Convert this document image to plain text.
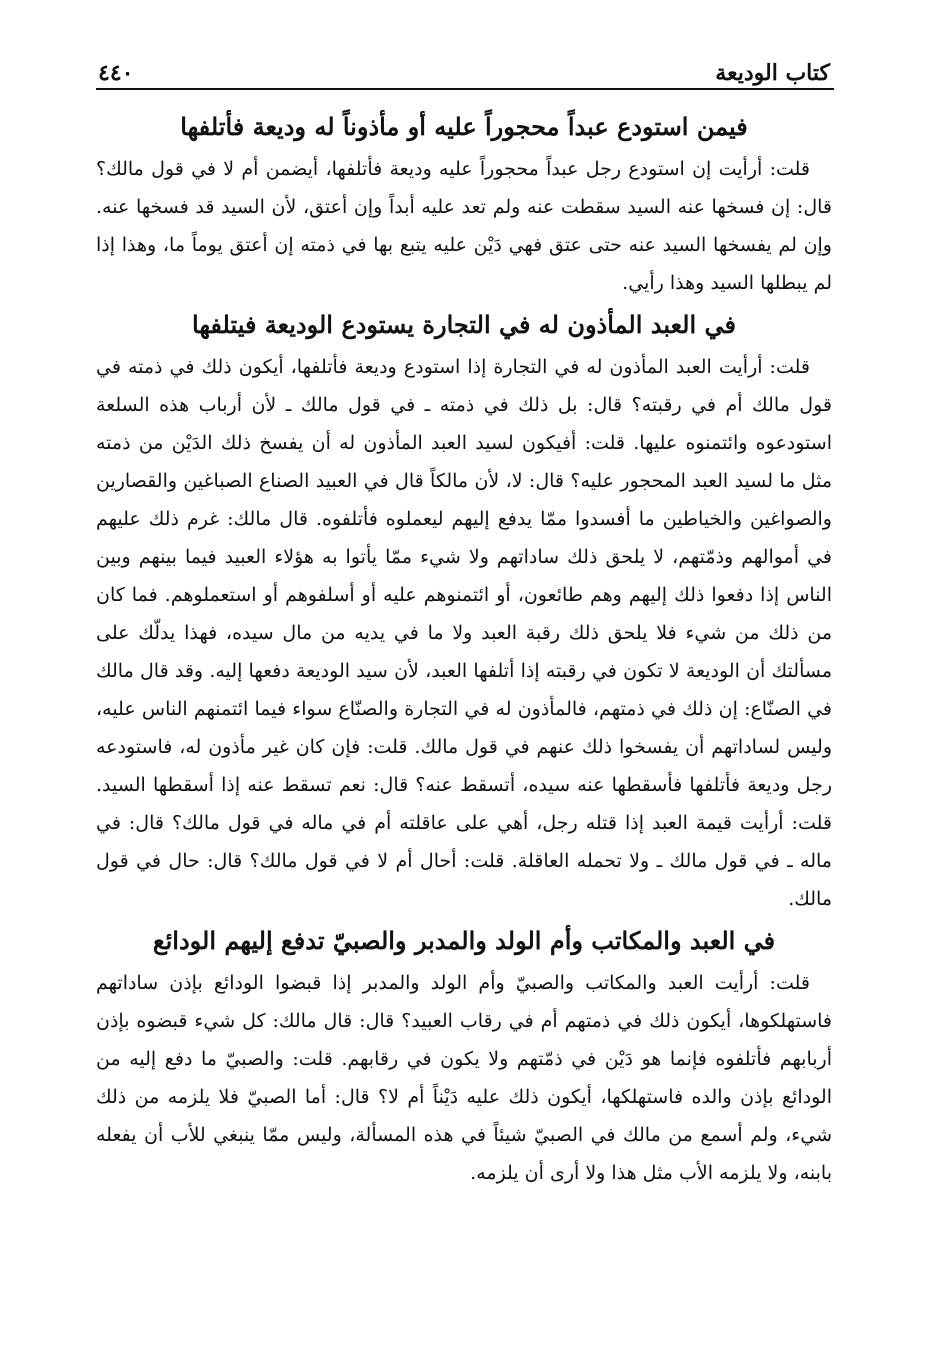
كتاب الوديعة
٤٤٠
فيمن استودع عبداً محجوراً عليه أو مأذوناً له وديعة فأتلفها

قلت: أرأيت إن استودع رجل عبداً محجوراً عليه وديعة فأتلفها، أيضمن أم لا في قول مالك؟ قال: إن فسخها عنه السيد سقطت عنه ولم تعد عليه أبداً وإن أعتق، لأن السيد قد فسخها عنه. وإن لم يفسخها السيد عنه حتى عتق فهي دَيْن عليه يتبع بها في ذمته إن أعتق يوماً ما، وهذا إذا لم يبطلها السيد وهذا رأيي.

في العبد المأذون له في التجارة يستودع الوديعة فيتلفها

قلت: أرأيت العبد المأذون له في التجارة إذا استودع وديعة فأتلفها، أيكون ذلك في ذمته في قول مالك أم في رقبته؟ قال: بل ذلك في ذمته ـ في قول مالك ـ لأن أرباب هذه السلعة استودعوه وائتمنوه عليها. قلت: أفيكون لسيد العبد المأذون له أن يفسخ ذلك الدَيْن من ذمته مثل ما لسيد العبد المحجور عليه؟ قال: لا، لأن مالكاً قال في العبيد الصناع الصباغين والقصارين والصواغين والخياطين ما أفسدوا ممّا يدفع إليهم ليعملوه فأتلفوه. قال مالك: غرم ذلك عليهم في أموالهم وذمّتهم، لا يلحق ذلك ساداتهم ولا شيء ممّا يأتوا به هؤلاء العبيد فيما بينهم وبين الناس إذا دفعوا ذلك إليهم وهم طائعون، أو ائتمنوهم عليه أو أسلفوهم أو استعملوهم. فما كان من ذلك من شيء فلا يلحق ذلك رقبة العبد ولا ما في يديه من مال سيده، فهذا يدلّك على مسألتك أن الوديعة لا تكون في رقبته إذا أتلفها العبد، لأن سيد الوديعة دفعها إليه. وقد قال مالك في الصنّاع: إن ذلك في ذمتهم، فالمأذون له في التجارة والصنّاع سواء فيما ائتمنهم الناس عليه، وليس لساداتهم أن يفسخوا ذلك عنهم في قول مالك. قلت: فإن كان غير مأذون له، فاستودعه رجل وديعة فأتلفها فأسقطها عنه سيده، أتسقط عنه؟ قال: نعم تسقط عنه إذا أسقطها السيد. قلت: أرأيت قيمة العبد إذا قتله رجل، أهي على عاقلته أم في ماله في قول مالك؟ قال: في ماله ـ في قول مالك ـ ولا تحمله العاقلة. قلت: أحال أم لا في قول مالك؟ قال: حال في قول مالك.

في العبد والمكاتب وأم الولد والمدبر والصبيّ تدفع إليهم الودائع

قلت: أرأيت العبد والمكاتب والصبيّ وأم الولد والمدبر إذا قبضوا الودائع بإذن ساداتهم فاستهلكوها، أيكون ذلك في ذمتهم أم في رقاب العبيد؟ قال: قال مالك: كل شيء قبضوه بإذن أربابهم فأتلفوه فإنما هو دَيْن في ذمّتهم ولا يكون في رقابهم. قلت: والصبيّ ما دفع إليه من الودائع بإذن والده فاستهلكها، أيكون ذلك عليه دَيْناً أم لا؟ قال: أما الصبيّ فلا يلزمه من ذلك شيء، ولم أسمع من مالك في الصبيّ شيئاً في هذه المسألة، وليس ممّا ينبغي للأب أن يفعله بابنه، ولا يلزمه الأب مثل هذا ولا أرى أن يلزمه.
